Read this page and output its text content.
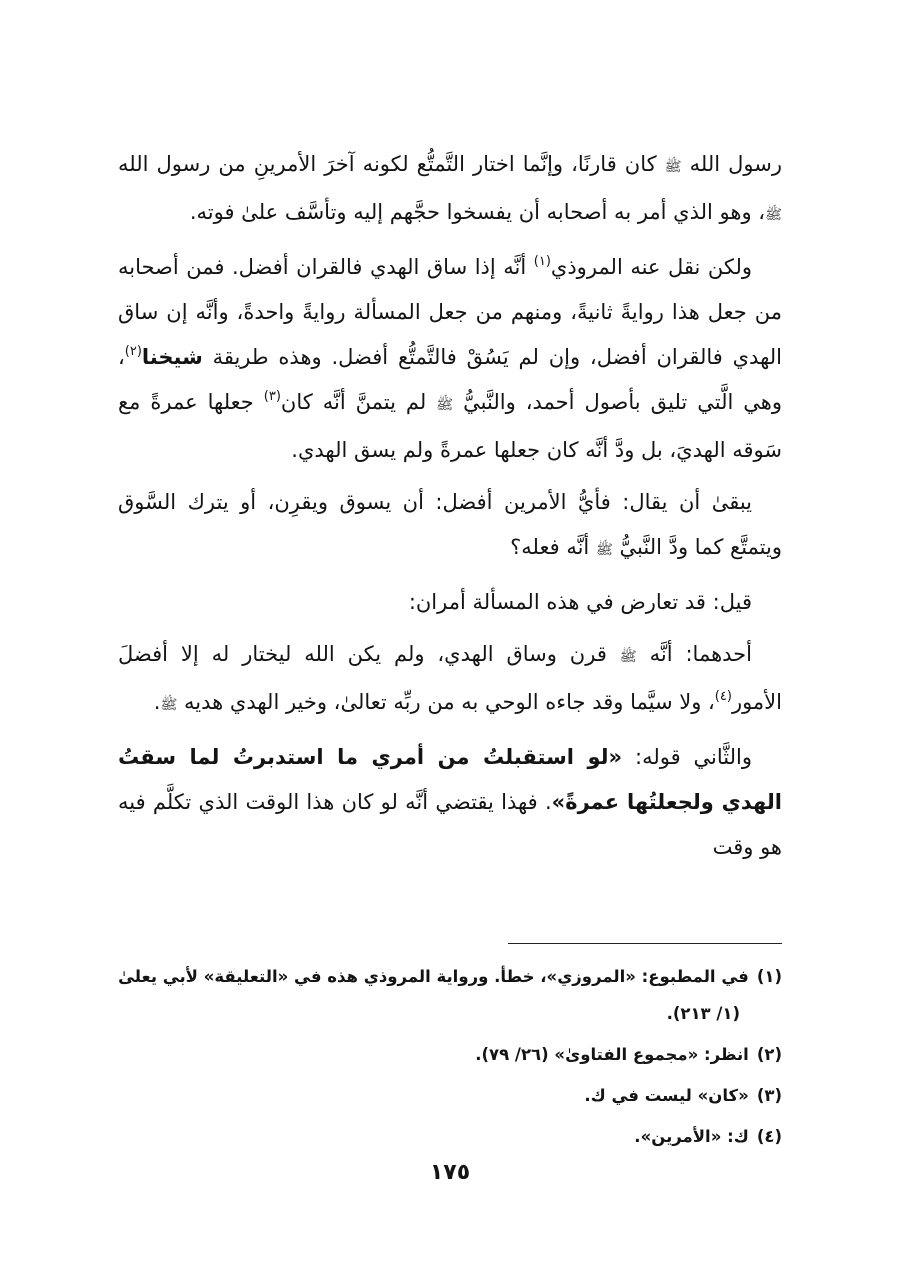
رسول الله ﷺ كان قارنًا، وإنَّما اختار التَّمتُّع لكونه آخرَ الأمرينِ من رسول الله ﷺ، وهو الذي أمر به أصحابه أن يفسخوا حجَّهم إليه وتأسَّف علىٰ فوته.

ولكن نقل عنه المروذي$^{(١)}$ أنَّه إذا ساق الهدي فالقران أفضل. فمن أصحابه من جعل هذا روايةً ثانيةً، ومنهم من جعل المسألة روايةً واحدةً، وأنَّه إن ساق الهدي فالقران أفضل، وإن لم يَسُقْ فالتَّمتُّع أفضل. وهذه طريقة شيخنا$^{(٢)}$، وهي الَّتي تليق بأصول أحمد، والنَّبيُّ ﷺ لم يتمنَّ أنَّه كان$^{(٣)}$ جعلها عمرةً مع سَوقه الهديَ، بل ودَّ أنَّه كان جعلها عمرةً ولم يسق الهدي.

يبقىٰ أن يقال: فأيُّ الأمرين أفضل: أن يسوق ويقرِن، أو يترك السَّوق ويتمتَّع كما ودَّ النَّبيُّ ﷺ أنَّه فعله؟

قيل: قد تعارض في هذه المسألة أمران:

أحدهما: أنَّه ﷺ قرن وساق الهدي، ولم يكن الله ليختار له إلا أفضلَ الأمور$^{(٤)}$، ولا سيَّما وقد جاءه الوحي به من ربِّه تعالىٰ، وخير الهدي هديه ﷺ.

والثَّاني قوله: «لو استقبلتُ من أمري ما استدبرتُ لما سقتُ الهدي ولجعلتُها عمرةً». فهذا يقتضي أنَّه لو كان هذا الوقت الذي تكلَّم فيه هو وقت

(١)في المطبوع: «المروزي»، خطأ. ورواية المروذي هذه في «التعليقة» لأبي يعلىٰ
(١/ ٢١٣).
(٢)انظر: «مجموع الفتاوىٰ» (٢٦/ ٧٩).
(٣)«كان» ليست في ك.
(٤)ك: «الأمرين».
١٧٥
